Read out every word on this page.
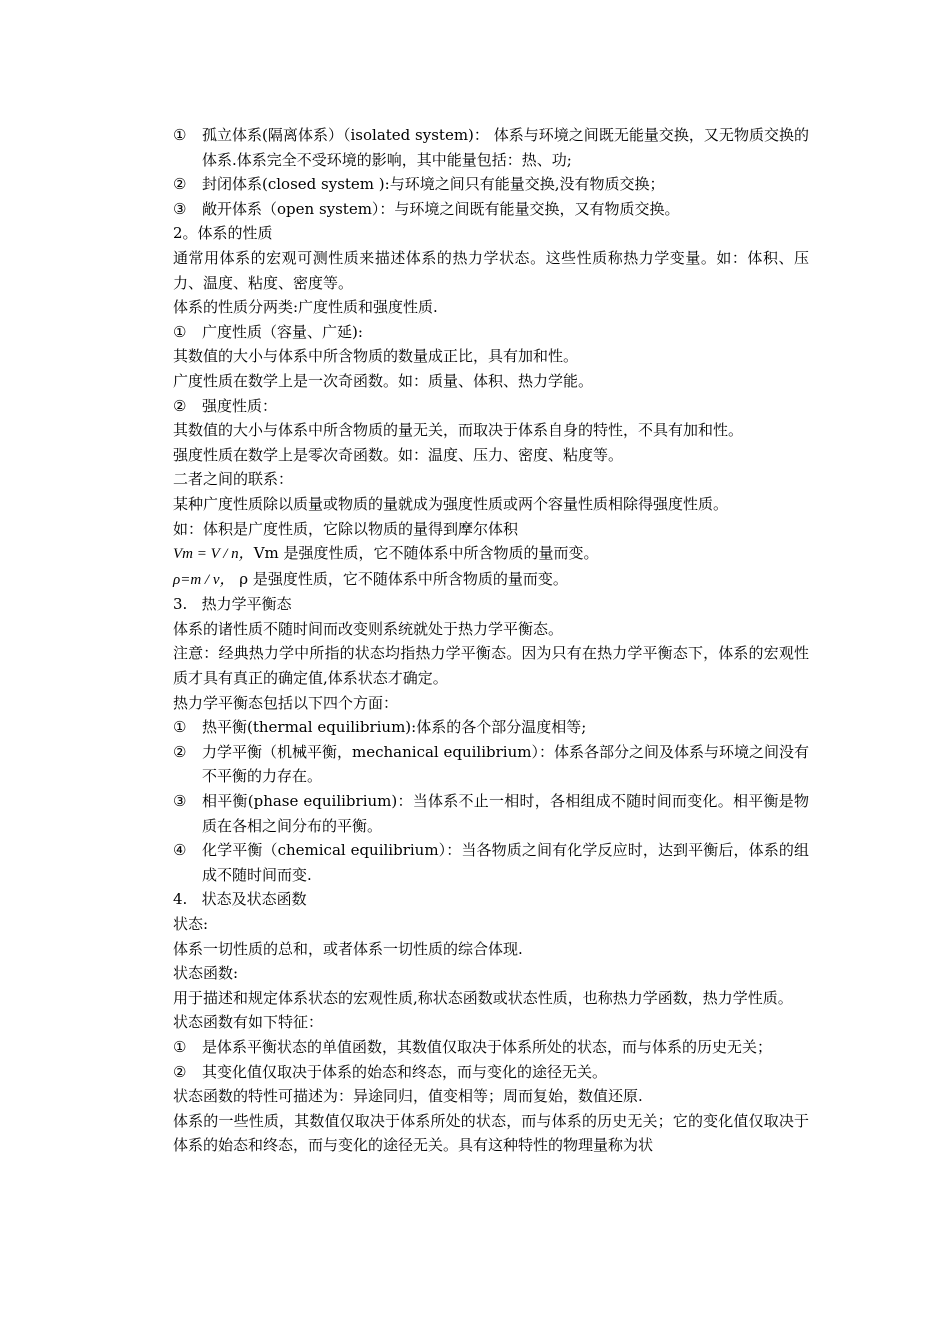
① 孤立体系(隔离体系）（isolated system)： 体系与环境之间既无能量交换，又无物质交换的体系.体系完全不受环境的影响，其中能量包括：热、功;
② 封闭体系(closed system ):与环境之间只有能量交换,没有物质交换；
③ 敞开体系（open system）：与环境之间既有能量交换，又有物质交换。

2。体系的性质

通常用体系的宏观可测性质来描述体系的热力学状态。这些性质称热力学变量。如：体积、压力、温度、粘度、密度等。

体系的性质分两类:广度性质和强度性质.

① 广度性质（容量、广延):

其数值的大小与体系中所含物质的数量成正比，具有加和性。

广度性质在数学上是一次奇函数。如：质量、体积、热力学能。

② 强度性质：

其数值的大小与体系中所含物质的量无关，而取决于体系自身的特性，不具有加和性。

强度性质在数学上是零次奇函数。如：温度、压力、密度、粘度等。

二者之间的联系：

某种广度性质除以质量或物质的量就成为强度性质或两个容量性质相除得强度性质。

如：体积是广度性质，它除以物质的量得到摩尔体积

Vm = V / n，Vm 是强度性质，它不随体系中所含物质的量而变。

ρ=m / v， ρ 是强度性质，它不随体系中所含物质的量而变。

3.   热力学平衡态

体系的诸性质不随时间而改变则系统就处于热力学平衡态。

注意：经典热力学中所指的状态均指热力学平衡态。因为只有在热力学平衡态下，体系的宏观性质才具有真正的确定值,体系状态才确定。

热力学平衡态包括以下四个方面：

① 热平衡(thermal equilibrium):体系的各个部分温度相等;
② 力学平衡（机械平衡，mechanical equilibrium）：体系各部分之间及体系与环境之间没有不平衡的力存在。
③ 相平衡(phase equilibrium)：当体系不止一相时，各相组成不随时间而变化。相平衡是物质在各相之间分布的平衡。
④ 化学平衡（chemical equilibrium）：当各物质之间有化学反应时，达到平衡后，体系的组成不随时间而变.

4.   状态及状态函数

状态:

体系一切性质的总和，或者体系一切性质的综合体现.

状态函数:

用于描述和规定体系状态的宏观性质,称状态函数或状态性质，也称热力学函数，热力学性质。

状态函数有如下特征：

① 是体系平衡状态的单值函数，其数值仅取决于体系所处的状态，而与体系的历史无关；
② 其变化值仅取决于体系的始态和终态，而与变化的途径无关。

状态函数的特性可描述为：异途同归，值变相等；周而复始，数值还原.

体系的一些性质，其数值仅取决于体系所处的状态，而与体系的历史无关；它的变化值仅取决于体系的始态和终态，而与变化的途径无关。具有这种特性的物理量称为状
